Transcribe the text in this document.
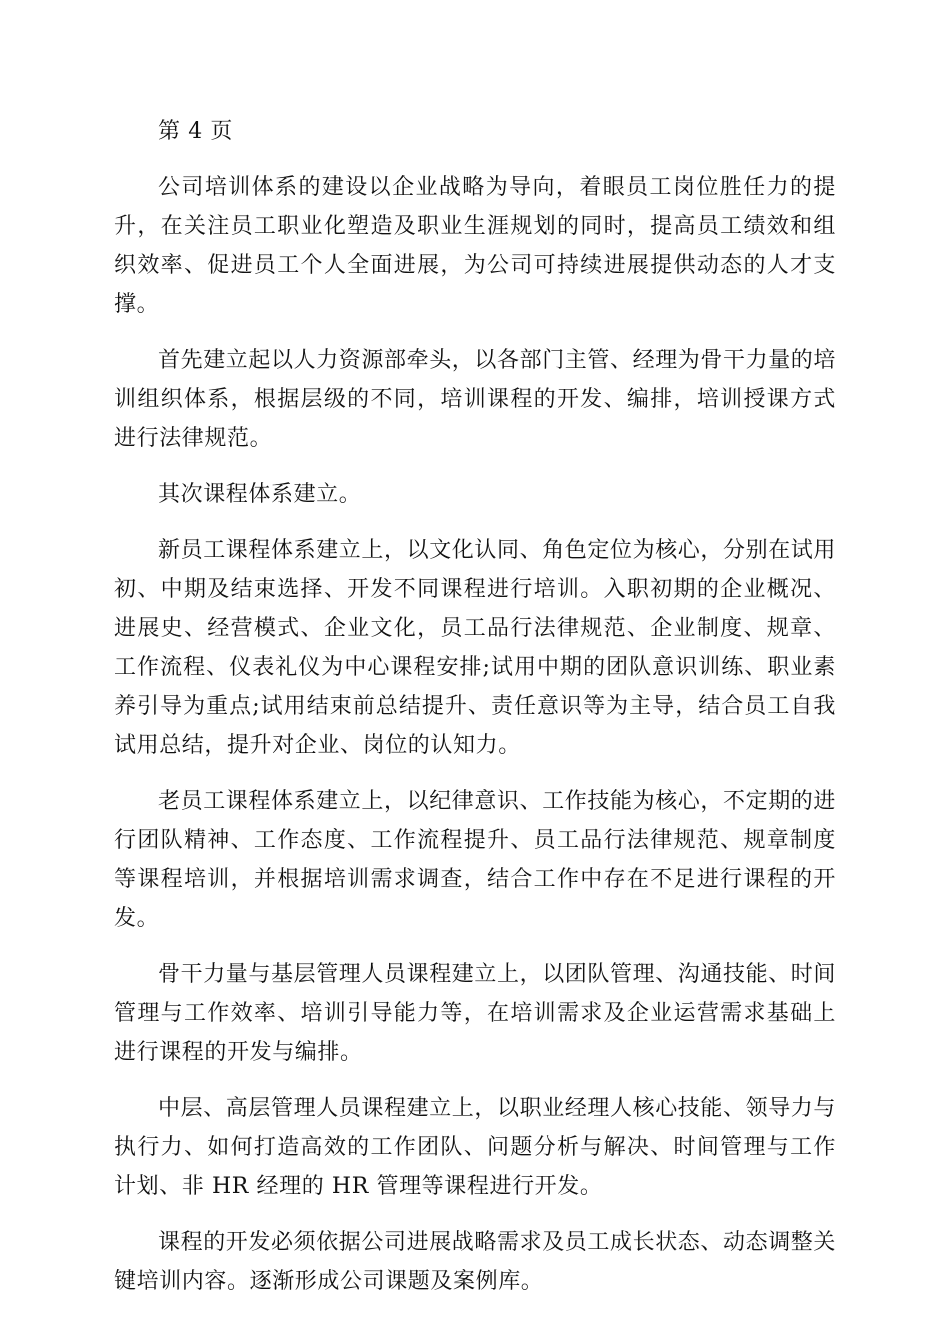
第 4 页

公司培训体系的建设以企业战略为导向，着眼员工岗位胜任力的提升，在关注员工职业化塑造及职业生涯规划的同时，提高员工绩效和组织效率、促进员工个人全面进展，为公司可持续进展提供动态的人才支撑。

首先建立起以人力资源部牵头，以各部门主管、经理为骨干力量的培训组织体系，根据层级的不同，培训课程的开发、编排，培训授课方式进行法律规范。

其次课程体系建立。

新员工课程体系建立上，以文化认同、角色定位为核心，分别在试用初、中期及结束选择、开发不同课程进行培训。入职初期的企业概况、进展史、经营模式、企业文化，员工品行法律规范、企业制度、规章、工作流程、仪表礼仪为中心课程安排;试用中期的团队意识训练、职业素养引导为重点;试用结束前总结提升、责任意识等为主导，结合员工自我试用总结，提升对企业、岗位的认知力。

老员工课程体系建立上，以纪律意识、工作技能为核心，不定期的进行团队精神、工作态度、工作流程提升、员工品行法律规范、规章制度等课程培训，并根据培训需求调查，结合工作中存在不足进行课程的开发。

骨干力量与基层管理人员课程建立上，以团队管理、沟通技能、时间管理与工作效率、培训引导能力等，在培训需求及企业运营需求基础上进行课程的开发与编排。

中层、高层管理人员课程建立上，以职业经理人核心技能、领导力与执行力、如何打造高效的工作团队、问题分析与解决、时间管理与工作计划、非 HR 经理的 HR 管理等课程进行开发。

课程的开发必须依据公司进展战略需求及员工成长状态、动态调整关键培训内容。逐渐形成公司课题及案例库。
